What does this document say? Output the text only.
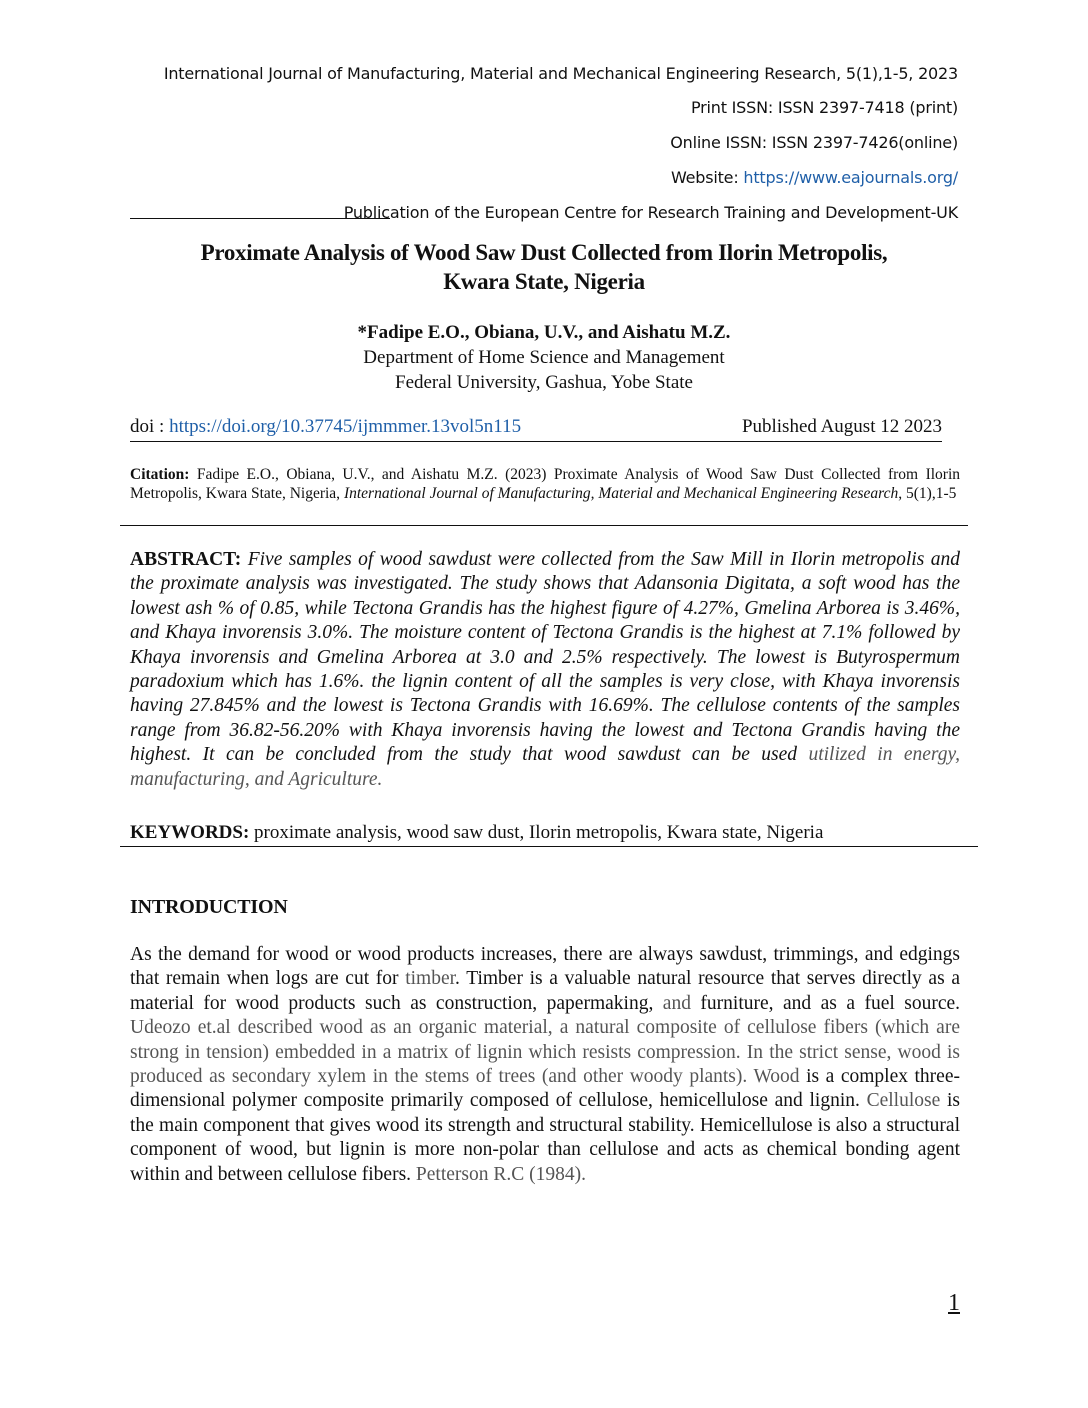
International Journal of Manufacturing, Material and Mechanical Engineering Research, 5(1),1-5, 2023
Print ISSN: ISSN 2397-7418 (print)
Online ISSN: ISSN 2397-7426(online)
Website: https://www.eajournals.org/
Publication of the European Centre for Research Training and Development-UK
Proximate Analysis of Wood Saw Dust Collected from Ilorin Metropolis,
Kwara State, Nigeria
*Fadipe E.O., Obiana, U.V., and Aishatu M.Z.
Department of Home Science and Management
Federal University, Gashua, Yobe State
doi : https://doi.org/10.37745/ijmmmer.13vol5n115	Published August 12 2023
Citation: Fadipe E.O., Obiana, U.V., and Aishatu M.Z. (2023) Proximate Analysis of Wood Saw Dust Collected from Ilorin Metropolis, Kwara State, Nigeria, International Journal of Manufacturing, Material and Mechanical Engineering Research, 5(1),1-5
ABSTRACT: Five samples of wood sawdust were collected from the Saw Mill in Ilorin metropolis and the proximate analysis was investigated. The study shows that Adansonia Digitata, a soft wood has the lowest ash % of 0.85, while Tectona Grandis has the highest figure of 4.27%, Gmelina Arborea is 3.46%, and Khaya invorensis 3.0%. The moisture content of Tectona Grandis is the highest at 7.1% followed by Khaya invorensis and Gmelina Arborea at 3.0 and 2.5% respectively. The lowest is Butyrospermum paradoxium which has 1.6%. the lignin content of all the samples is very close, with Khaya invorensis having 27.845% and the lowest is Tectona Grandis with 16.69%. The cellulose contents of the samples range from 36.82-56.20% with Khaya invorensis having the lowest and Tectona Grandis having the highest. It can be concluded from the study that wood sawdust can be used utilized in energy, manufacturing, and Agriculture.
KEYWORDS: proximate analysis, wood saw dust, Ilorin metropolis, Kwara state, Nigeria
INTRODUCTION
As the demand for wood or wood products increases, there are always sawdust, trimmings, and edgings that remain when logs are cut for timber. Timber is a valuable natural resource that serves directly as a material for wood products such as construction, papermaking, and furniture, and as a fuel source. Udeozo et.al described wood as an organic material, a natural composite of cellulose fibers (which are strong in tension) embedded in a matrix of lignin which resists compression. In the strict sense, wood is produced as secondary xylem in the stems of trees (and other woody plants). Wood is a complex three-dimensional polymer composite primarily composed of cellulose, hemicellulose and lignin. Cellulose is the main component that gives wood its strength and structural stability. Hemicellulose is also a structural component of wood, but lignin is more non-polar than cellulose and acts as chemical bonding agent within and between cellulose fibers. Petterson R.C (1984).
1
